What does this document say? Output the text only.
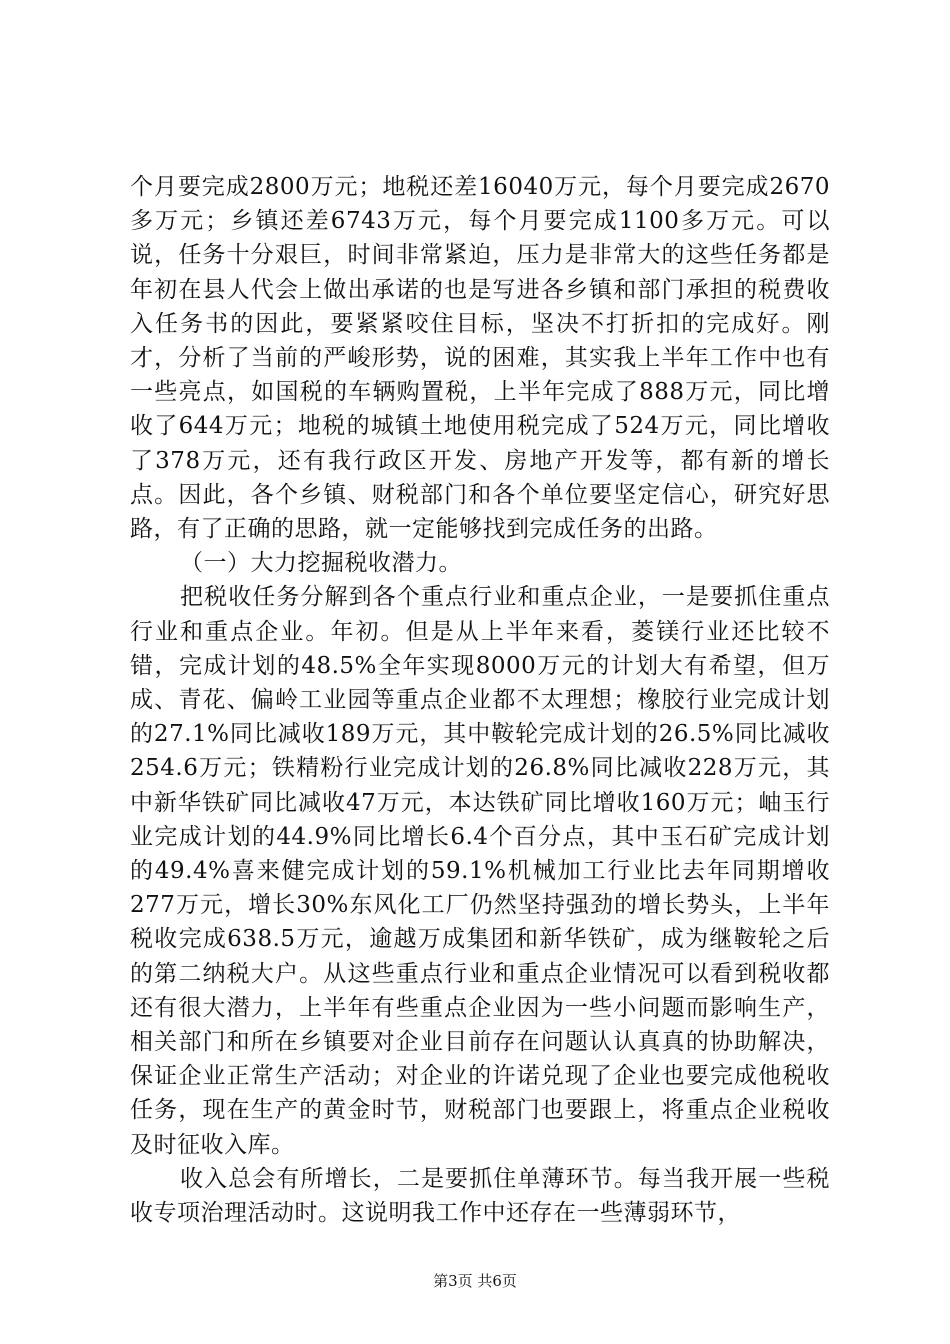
个月要完成2800万元；地税还差16040万元，每个月要完成2670多万元；乡镇还差6743万元，每个月要完成1100多万元。可以说，任务十分艰巨，时间非常紧迫，压力是非常大的这些任务都是年初在县人代会上做出承诺的也是写进各乡镇和部门承担的税费收入任务书的因此，要紧紧咬住目标，坚决不打折扣的完成好。刚才，分析了当前的严峻形势，说的困难，其实我上半年工作中也有一些亮点，如国税的车辆购置税，上半年完成了888万元，同比增收了644万元；地税的城镇土地使用税完成了524万元，同比增收了378万元，还有我行政区开发、房地产开发等，都有新的增长点。因此，各个乡镇、财税部门和各个单位要坚定信心，研究好思路，有了正确的思路，就一定能够找到完成任务的出路。

（一）大力挖掘税收潜力。

把税收任务分解到各个重点行业和重点企业，一是要抓住重点行业和重点企业。年初。但是从上半年来看，菱镁行业还比较不错，完成计划的48.5%全年实现8000万元的计划大有希望，但万成、青花、偏岭工业园等重点企业都不太理想；橡胶行业完成计划的27.1%同比减收189万元，其中鞍轮完成计划的26.5%同比减收254.6万元；铁精粉行业完成计划的26.8%同比减收228万元，其中新华铁矿同比减收47万元，本达铁矿同比增收160万元；岫玉行业完成计划的44.9%同比增长6.4个百分点，其中玉石矿完成计划的49.4%喜来健完成计划的59.1%机械加工行业比去年同期增收277万元，增长30%东风化工厂仍然坚持强劲的增长势头，上半年税收完成638.5万元，逾越万成集团和新华铁矿，成为继鞍轮之后的第二纳税大户。从这些重点行业和重点企业情况可以看到税收都还有很大潜力，上半年有些重点企业因为一些小问题而影响生产，相关部门和所在乡镇要对企业目前存在问题认认真真的协助解决，保证企业正常生产活动；对企业的许诺兑现了企业也要完成他税收任务，现在生产的黄金时节，财税部门也要跟上，将重点企业税收及时征收入库。

收入总会有所增长，二是要抓住单薄环节。每当我开展一些税收专项治理活动时。这说明我工作中还存在一些薄弱环节，

第3页 共6页
